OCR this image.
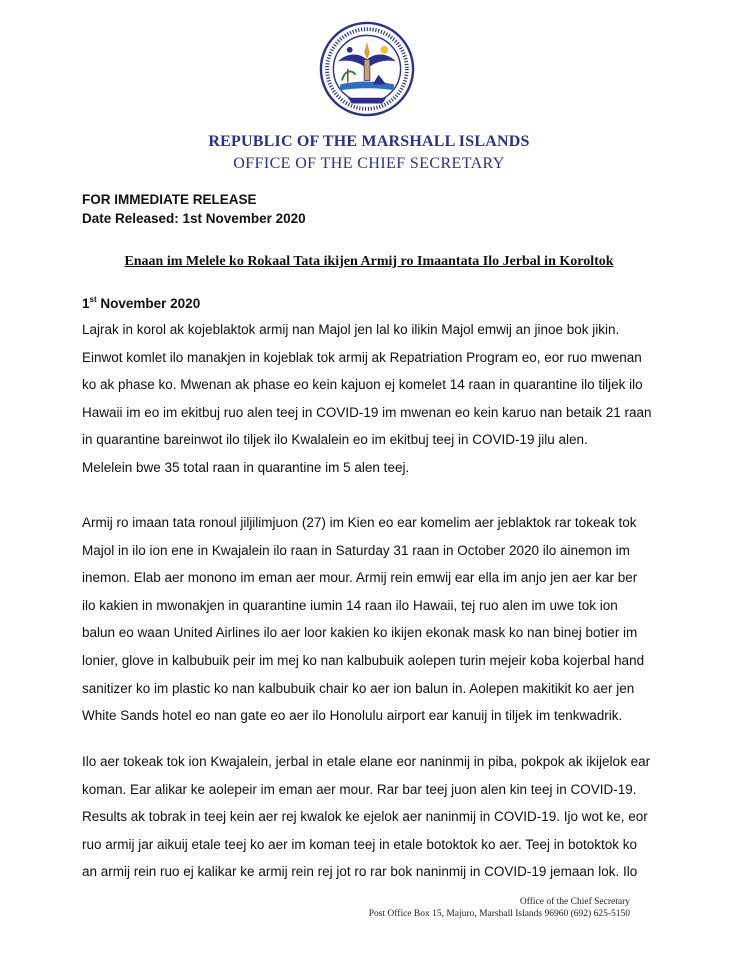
REPUBLIC OF THE MARSHALL ISLANDS
OFFICE OF THE CHIEF SECRETARY
FOR IMMEDIATE RELEASE
Date Released: 1st November 2020
Enaan im Melele ko Rokaal Tata ikijen Armij ro Imaantata Ilo Jerbal in Koroltok
1st November 2020
Lajrak in korol ak kojeblaktok armij nan Majol jen lal ko ilikin Majol emwij an jinoe bok jikin.
Einwot komlet ilo manakjen in kojeblak tok armij ak Repatriation Program eo, eor ruo mwenan
ko ak phase ko. Mwenan ak phase eo kein kajuon ej komelet 14 raan in quarantine ilo tiljek ilo
Hawaii im eo im ekitbuj ruo alen teej in COVID-19 im mwenan eo kein karuo nan betaik 21 raan
in quarantine bareinwot ilo tiljek ilo Kwalalein eo im ekitbuj teej in COVID-19 jilu alen.
Melelein bwe 35 total raan in quarantine im 5 alen teej.
Armij ro imaan tata ronoul jiljilimjuon (27) im Kien eo ear komelim aer jeblaktok rar tokeak tok
Majol in ilo ion ene in Kwajalein ilo raan in Saturday 31 raan in October 2020 ilo ainemon im
inemon. Elab aer monono im eman aer mour. Armij rein emwij ear ella im anjo jen aer kar ber
ilo kakien in mwonakjen in quarantine iumin 14 raan ilo Hawaii, tej ruo alen im uwe tok ion
balun eo waan United Airlines ilo aer loor kakien ko ikijen ekonak mask ko nan binej botier im
lonier, glove in kalbubuik peir im mej ko nan kalbubuik aolepen turin mejeir koba kojerbal hand
sanitizer ko im plastic ko nan kalbubuik chair ko aer ion balun in. Aolepen makitikit ko aer jen
White Sands hotel eo nan gate eo aer ilo Honolulu airport ear kanuij in tiljek im tenkwadrik.
Ilo aer tokeak tok ion Kwajalein, jerbal in etale elane eor naninmij in piba, pokpok ak ikijelok ear
koman. Ear alikar ke aolepeir im eman aer mour. Rar bar teej juon alen kin teej in COVID-19.
Results ak tobrak in teej kein aer rej kwalok ke ejelok aer naninmij in COVID-19. Ijo wot ke, eor
ruo armij jar aikuij etale teej ko aer im koman teej in etale botoktok ko aer. Teej in botoktok ko
an armij rein ruo ej kalikar ke armij rein rej jot ro rar bok naninmij in COVID-19 jemaan lok. Ilo
Office of the Chief Secretary
Post Office Box 15, Majuro, Marshall Islands 96960 (692) 625-5150
